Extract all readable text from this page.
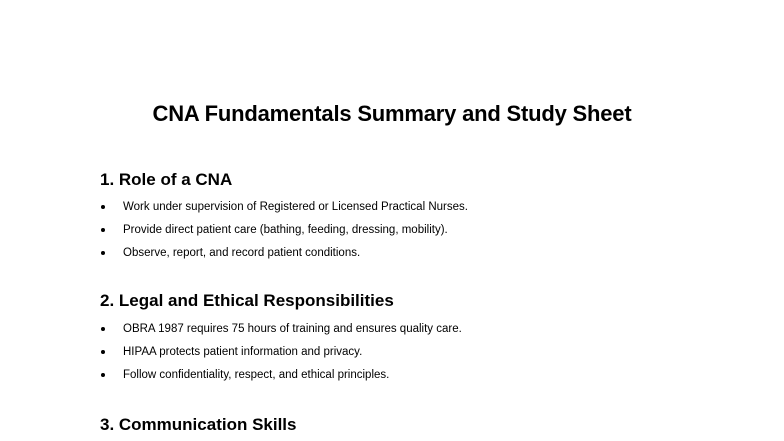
CNA Fundamentals Summary and Study Sheet
1. Role of a CNA
Work under supervision of Registered or Licensed Practical Nurses.
Provide direct patient care (bathing, feeding, dressing, mobility).
Observe, report, and record patient conditions.
2. Legal and Ethical Responsibilities
OBRA 1987 requires 75 hours of training and ensures quality care.
HIPAA protects patient information and privacy.
Follow confidentiality, respect, and ethical principles.
3. Communication Skills
